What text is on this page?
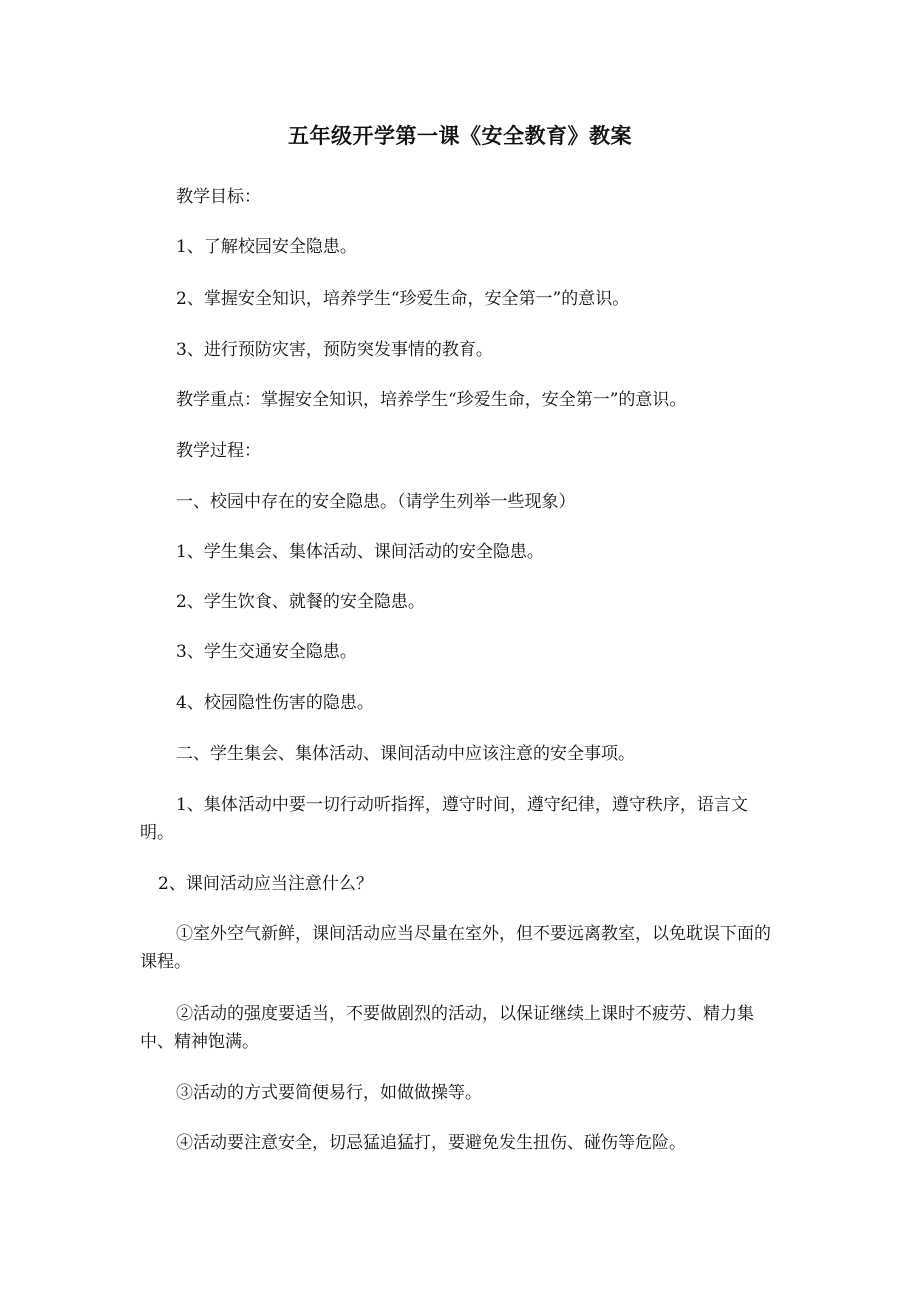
五年级开学第一课《安全教育》教案
教学目标：
1、了解校园安全隐患。
2、掌握安全知识，培养学生“珍爱生命，安全第一”的意识。
3、进行预防灾害，预防突发事情的教育。
教学重点：掌握安全知识，培养学生“珍爱生命，安全第一”的意识。
教学过程：
一、校园中存在的安全隐患。（请学生列举一些现象）
1、学生集会、集体活动、课间活动的安全隐患。
2、学生饮食、就餐的安全隐患。
3、学生交通安全隐患。
4、校园隐性伤害的隐患。
二、学生集会、集体活动、课间活动中应该注意的安全事项。
1、集体活动中要一切行动听指挥，遵守时间，遵守纪律，遵守秩序，语言文明。
2、课间活动应当注意什么？
①室外空气新鲜，课间活动应当尽量在室外，但不要远离教室，以免耽误下面的课程。
②活动的强度要适当，不要做剧烈的活动，以保证继续上课时不疲劳、精力集中、精神饱满。
③活动的方式要简便易行，如做做操等。
④活动要注意安全，切忌猛追猛打，要避免发生扭伤、碰伤等危险。
